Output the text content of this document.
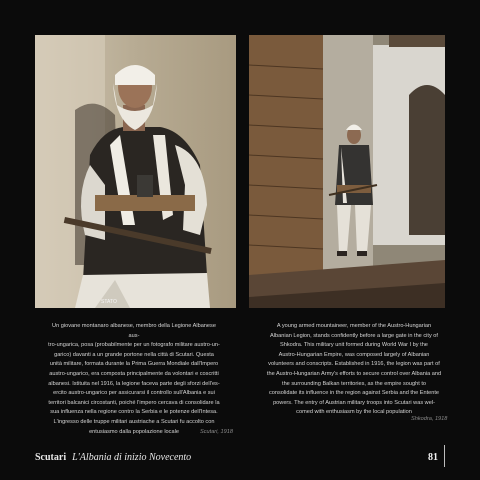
STATO
Un giovane montanaro albanese, membro della Legione Albanese aus-
tro-ungarica, posa (probabilmente per un fotografo militare austro-un-
garico) davanti a un grande portone nella città di Scutari. Questa
unità militare, formata durante la Prima Guerra Mondiale dall'Impero
austro-ungarico, era composta principalmente da volontari e coscritti
albanesi. Istituita nel 1916, la legione faceva parte degli sforzi dell'es-
ercito austro-ungarico per assicurarsi il controllo sull'Albania e sui
territori balcanici circostanti, poiché l'impero cercava di consolidare la
sua influenza nella regione contro la Serbia e le potenze dell'Intesa.
L'ingresso delle truppe militari austriache a Scutari fu accolto con
entusiasmo dalla popolazione locale
A young armed mountaineer, member of the Austro-Hungarian
Albanian Legion, stands confidently before a large gate in the city of
Shkodra. This military unit formed during World War I by the
Austro-Hungarian Empire, was composed largely of Albanian
volunteers and conscripts. Established in 1916, the legion was part of
the Austro-Hungarian Army's efforts to secure control over Albania and
the surrounding Balkan territories, as the empire sought to
consolidate its influence in the region against Serbia and the Entente
powers. The entry of Austrian military troops into Scutari was wel-
comed with enthusiasm by the local population
Scutari, 1918
Shkodra, 1918
Scutari L'Albania di inizio Novecento	81
